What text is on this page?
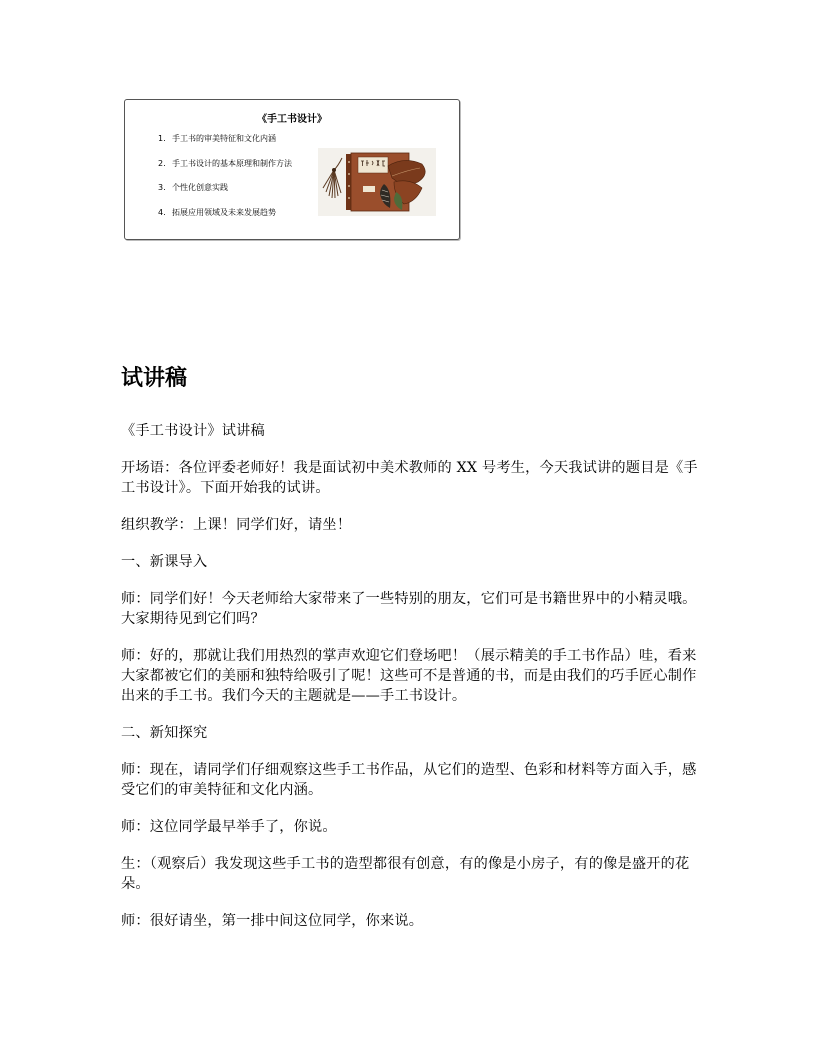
《手工书设计》
1. 手工书的审美特征和文化内涵
2. 手工书设计的基本原理和制作方法
3. 个性化创意实践
4. 拓展应用领域及未来发展趋势
试讲稿

《手工书设计》试讲稿

开场语：各位评委老师好！我是面试初中美术教师的 XX 号考生，今天我试讲的题目是《手工书设计》。下面开始我的试讲。

组织教学：上课！同学们好，请坐！

一、新课导入

师：同学们好！今天老师给大家带来了一些特别的朋友，它们可是书籍世界中的小精灵哦。大家期待见到它们吗？

师：好的，那就让我们用热烈的掌声欢迎它们登场吧！（展示精美的手工书作品）哇，看来大家都被它们的美丽和独特给吸引了呢！这些可不是普通的书，而是由我们的巧手匠心制作出来的手工书。我们今天的主题就是——手工书设计。

二、新知探究

师：现在，请同学们仔细观察这些手工书作品，从它们的造型、色彩和材料等方面入手，感受它们的审美特征和文化内涵。

师：这位同学最早举手了，你说。

生：（观察后）我发现这些手工书的造型都很有创意，有的像是小房子，有的像是盛开的花朵。

师：很好请坐，第一排中间这位同学，你来说。
